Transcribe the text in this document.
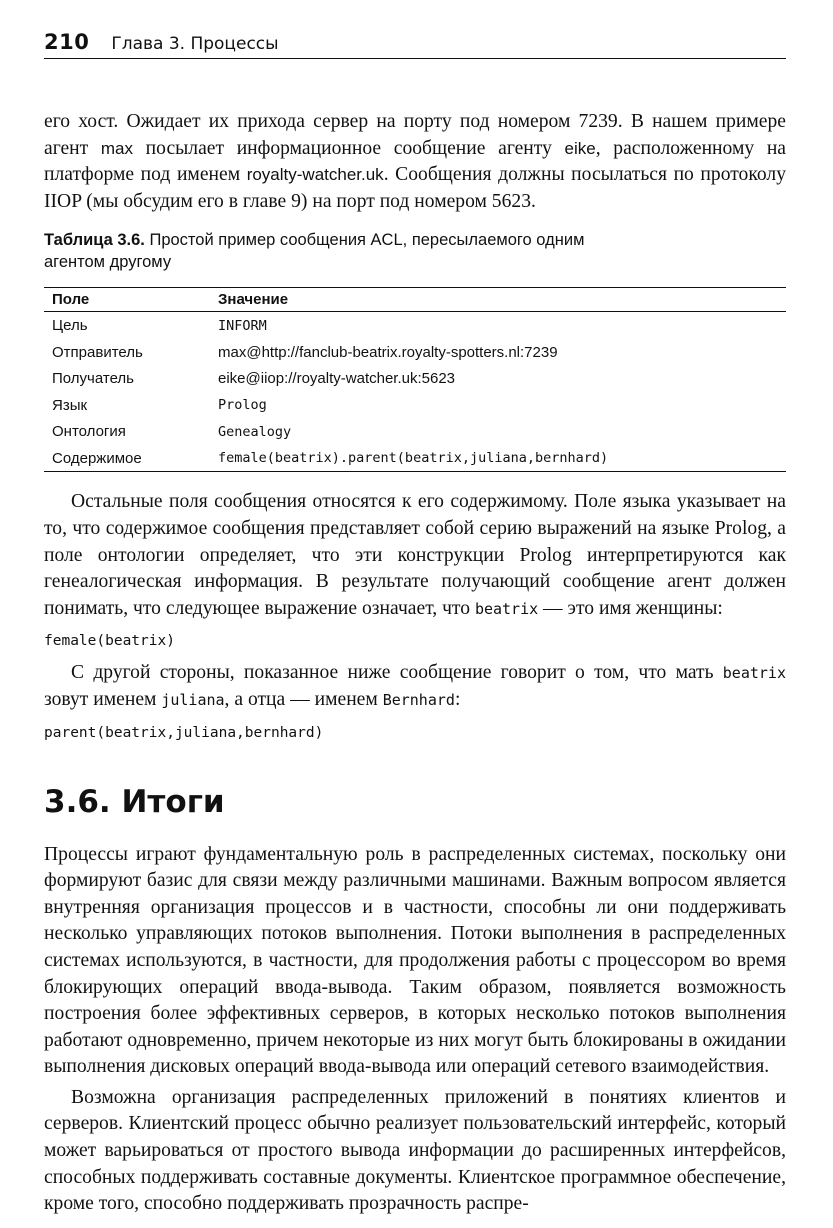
210 Глава 3. Процессы

его хост. Ожидает их прихода сервер на порту под номером 7239. В нашем примере агент max посылает информационное сообщение агенту eike, расположенному на платформе под именем royalty-watcher.uk. Сообщения должны посылаться по протоколу IIOP (мы обсудим его в главе 9) на порт под номером 5623.

Таблица 3.6. Простой пример сообщения ACL, пересылаемого одним агентом другому
Поле	Значение
Цель	INFORM
Отправитель	max@http://fanclub-beatrix.royalty-spotters.nl:7239
Получатель	eike@iiop://royalty-watcher.uk:5623
Язык	Prolog
Онтология	Genealogy
Содержимое	female(beatrix).parent(beatrix,juliana,bernhard)

Остальные поля сообщения относятся к его содержимому. Поле языка указывает на то, что содержимое сообщения представляет собой серию выражений на языке Prolog, а поле онтологии определяет, что эти конструкции Prolog интерпретируются как генеалогическая информация. В результате получающий сообщение агент должен понимать, что следующее выражение означает, что beatrix — это имя женщины:

female(beatrix)

С другой стороны, показанное ниже сообщение говорит о том, что мать beatrix зовут именем juliana, а отца — именем Bernhard:

parent(beatrix,juliana,bernhard)
3.6. Итоги

Процессы играют фундаментальную роль в распределенных системах, поскольку они формируют базис для связи между различными машинами. Важным вопросом является внутренняя организация процессов и в частности, способны ли они поддерживать несколько управляющих потоков выполнения. Потоки выполнения в распределенных системах используются, в частности, для продолжения работы с процессором во время блокирующих операций ввода-вывода. Таким образом, появляется возможность построения более эффективных серверов, в которых несколько потоков выполнения работают одновременно, причем некоторые из них могут быть блокированы в ожидании выполнения дисковых операций ввода-вывода или операций сетевого взаимодействия.

Возможна организация распределенных приложений в понятиях клиентов и серверов. Клиентский процесс обычно реализует пользовательский интерфейс, который может варьироваться от простого вывода информации до расширенных интерфейсов, способных поддерживать составные документы. Клиентское программное обеспечение, кроме того, способно поддерживать прозрачность распре-
